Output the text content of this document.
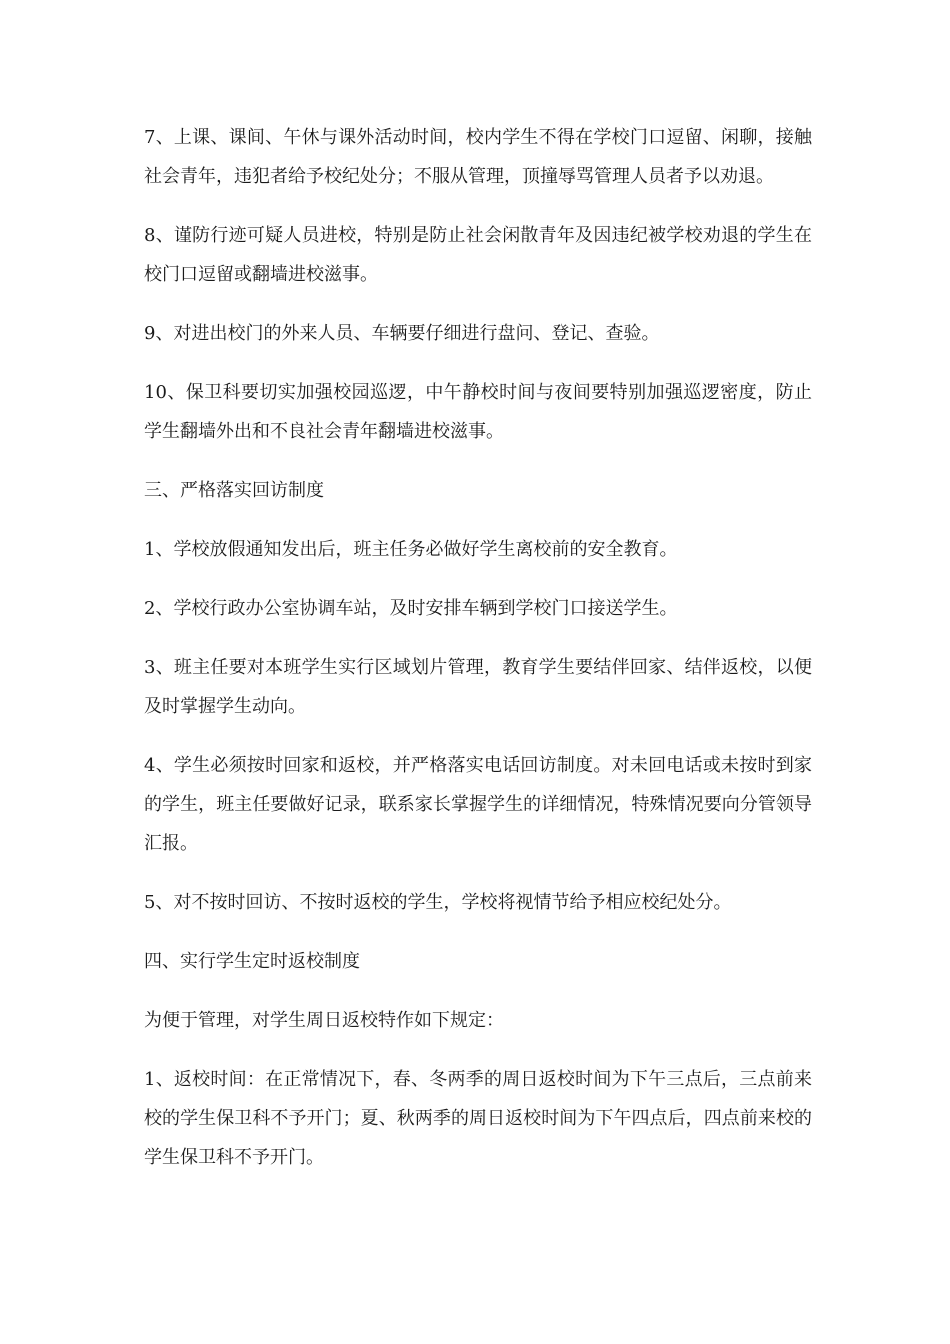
7、上课、课间、午休与课外活动时间，校内学生不得在学校门口逗留、闲聊，接触社会青年，违犯者给予校纪处分；不服从管理，顶撞辱骂管理人员者予以劝退。

8、谨防行迹可疑人员进校，特别是防止社会闲散青年及因违纪被学校劝退的学生在校门口逗留或翻墙进校滋事。

9、对进出校门的外来人员、车辆要仔细进行盘问、登记、查验。

10、保卫科要切实加强校园巡逻，中午静校时间与夜间要特别加强巡逻密度，防止学生翻墙外出和不良社会青年翻墙进校滋事。

三、严格落实回访制度

1、学校放假通知发出后，班主任务必做好学生离校前的安全教育。

2、学校行政办公室协调车站，及时安排车辆到学校门口接送学生。

3、班主任要对本班学生实行区域划片管理，教育学生要结伴回家、结伴返校，以便及时掌握学生动向。

4、学生必须按时回家和返校，并严格落实电话回访制度。对未回电话或未按时到家的学生，班主任要做好记录，联系家长掌握学生的详细情况，特殊情况要向分管领导汇报。

5、对不按时回访、不按时返校的学生，学校将视情节给予相应校纪处分。

四、实行学生定时返校制度

为便于管理，对学生周日返校特作如下规定：

1、返校时间：在正常情况下，春、冬两季的周日返校时间为下午三点后，三点前来校的学生保卫科不予开门；夏、秋两季的周日返校时间为下午四点后，四点前来校的学生保卫科不予开门。
